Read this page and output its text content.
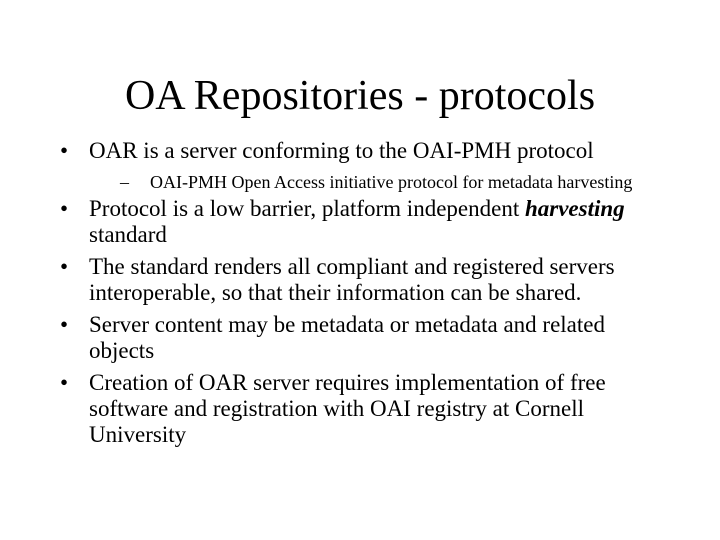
OA Repositories - protocols
• OAR is a server conforming to the OAI-PMH protocol
– OAI-PMH Open Access initiative protocol for metadata harvesting
• Protocol is a low barrier, platform independent harvesting standard
• The standard renders all compliant and registered servers interoperable, so that their information can be shared.
• Server content may be metadata or metadata and related objects
• Creation of OAR server requires implementation of free software and registration with OAI registry at Cornell University
